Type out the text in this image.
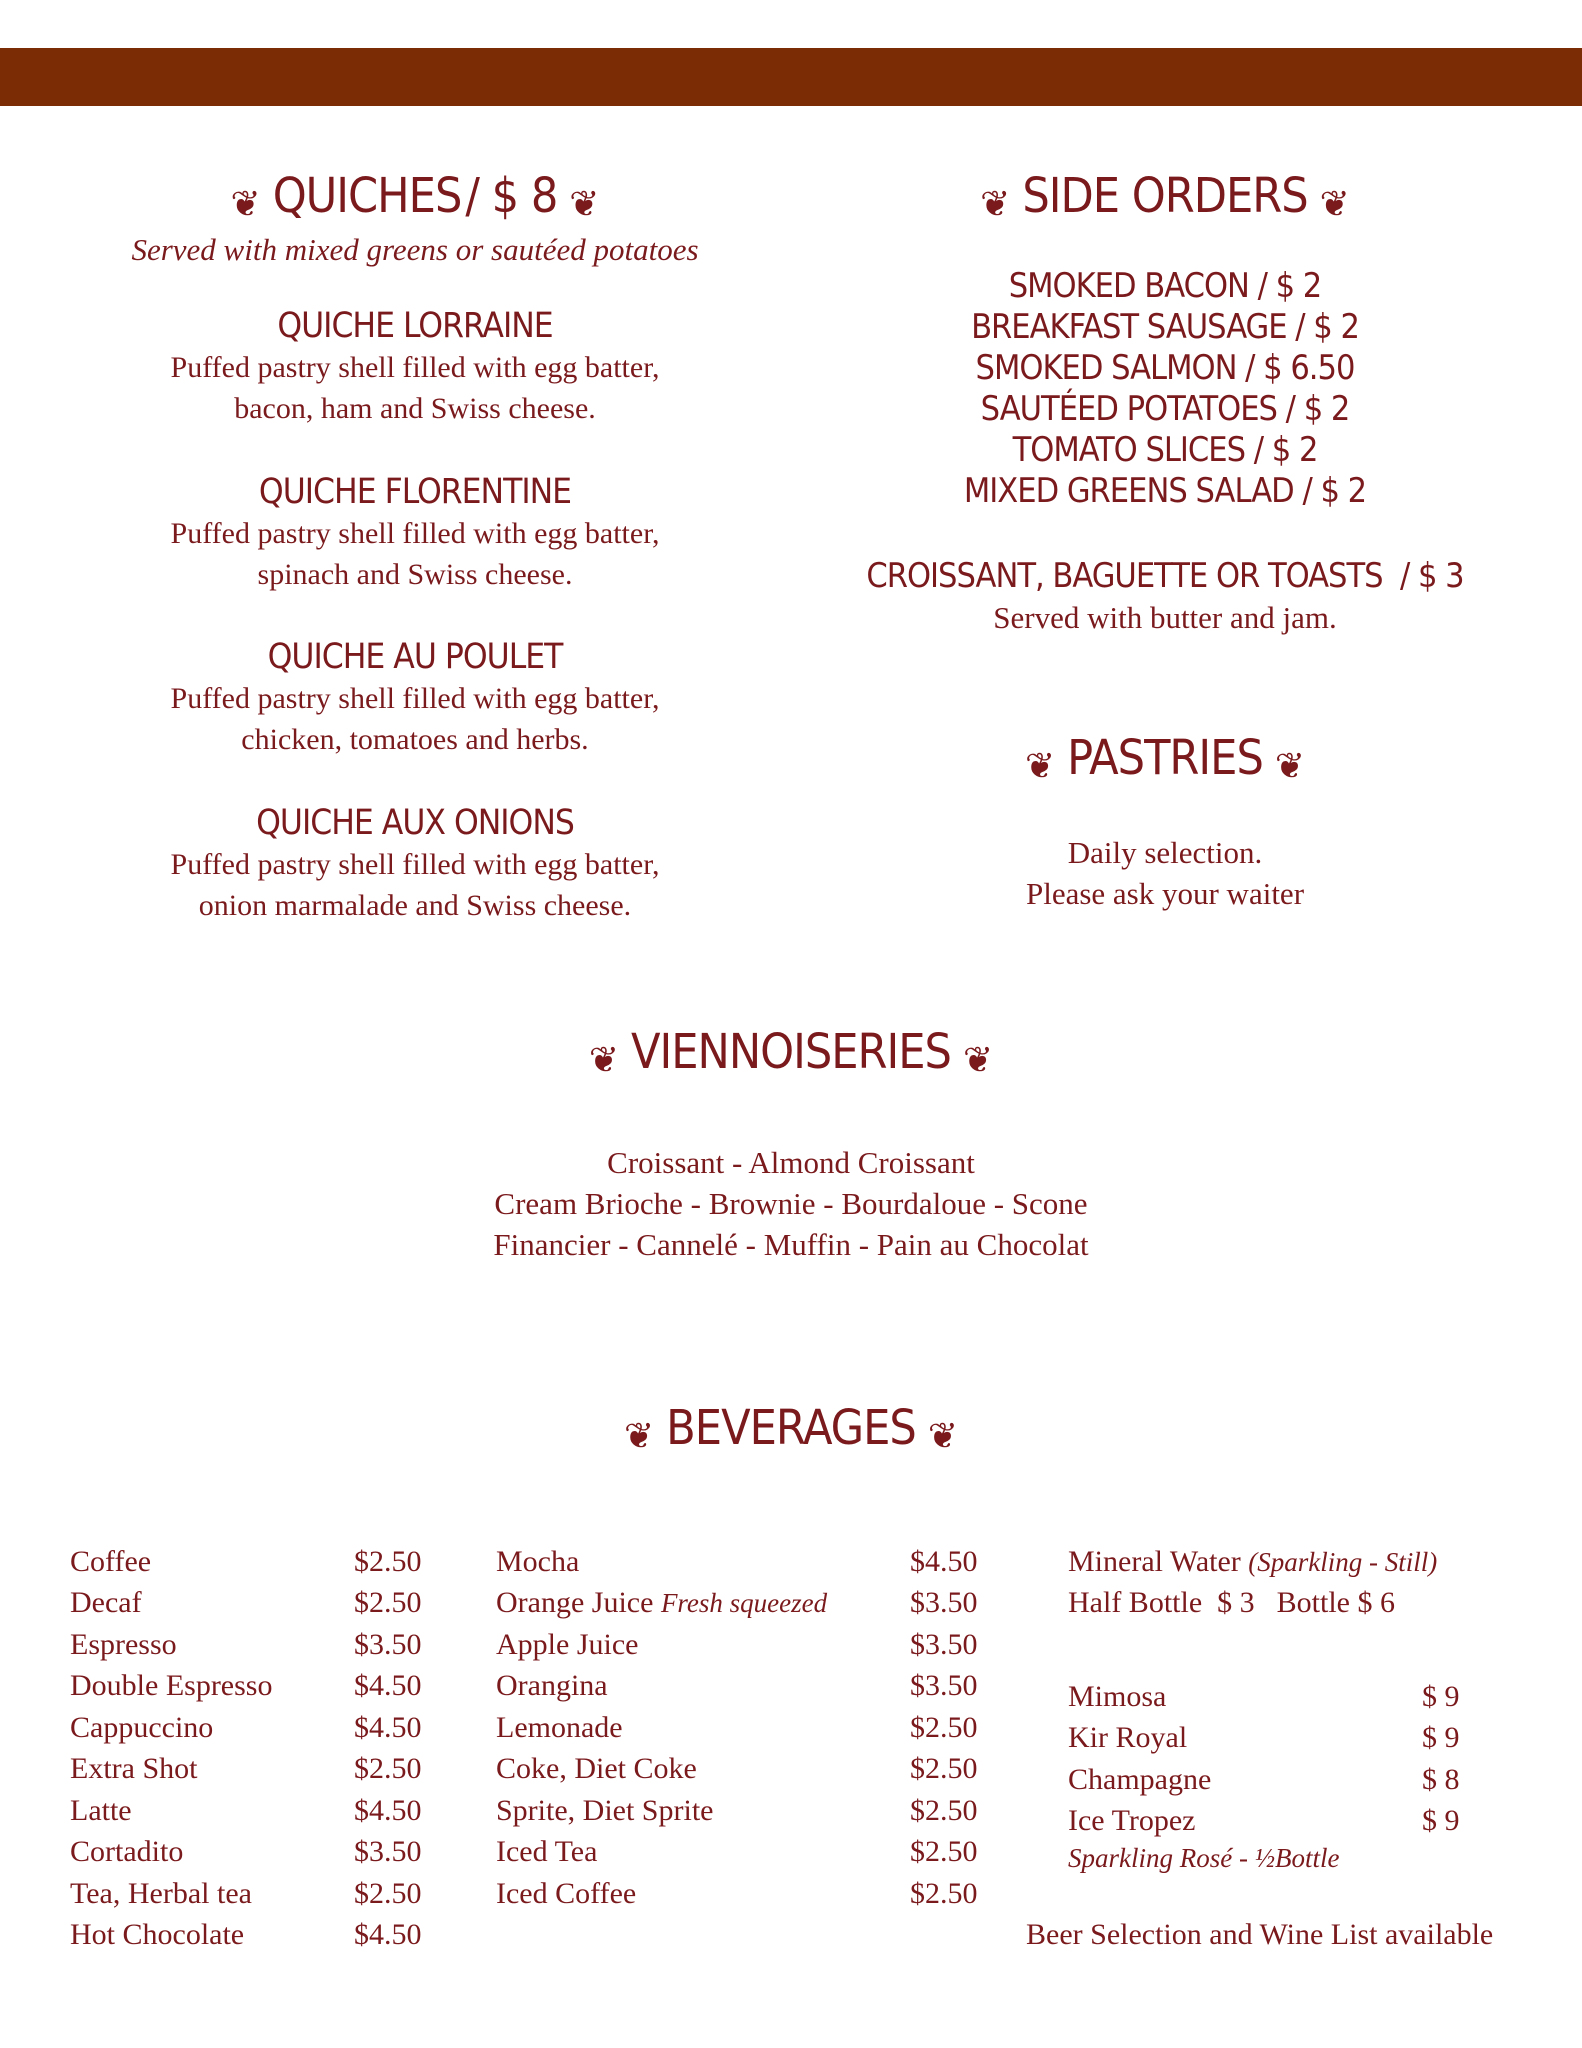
❦ QUICHES / $ 8 ❦
Served with mixed greens or sautéed potatoes
QUICHE LORRAINE
Puffed pastry shell filled with egg batter,
bacon, ham and Swiss cheese.
QUICHE FLORENTINE
Puffed pastry shell filled with egg batter,
spinach and Swiss cheese.
QUICHE AU POULET
Puffed pastry shell filled with egg batter,
chicken, tomatoes and herbs.
QUICHE AUX ONIONS
Puffed pastry shell filled with egg batter,
onion marmalade and Swiss cheese.
❦ SIDE ORDERS ❦
SMOKED BACON / $ 2
BREAKFAST SAUSAGE / $ 2
SMOKED SALMON / $ 6.50
SAUTÉED POTATOES / $ 2
TOMATO SLICES / $ 2
MIXED GREENS SALAD / $ 2
CROISSANT, BAGUETTE OR TOASTS  / $ 3
Served with butter and jam.
❦ PASTRIES ❦
Daily selection.
Please ask your waiter
❦ VIENNOISERIES ❦
Croissant - Almond Croissant
Cream Brioche - Brownie - Bourdaloue - Scone
Financier - Cannelé - Muffin - Pain au Chocolat
❦ BEVERAGES ❦
Coffee	$2.50
Decaf	$2.50
Espresso	$3.50
Double Espresso	$4.50
Cappuccino	$4.50
Extra Shot	$2.50
Latte	$4.50
Cortadito	$3.50
Tea, Herbal tea	$2.50
Hot Chocolate	$4.50
Mocha	$4.50
Orange Juice Fresh squeezed	$3.50
Apple Juice	$3.50
Orangina	$3.50
Lemonade	$2.50
Coke, Diet Coke	$2.50
Sprite, Diet Sprite	$2.50
Iced Tea	$2.50
Iced Coffee	$2.50
Mineral Water (Sparkling - Still)
Half Bottle  $ 3 Bottle $ 6
Mimosa	$ 9
Kir Royal	$ 9
Champagne	$ 8
Ice Tropez	$ 9
Sparkling Rosé - ½Bottle
Beer Selection and Wine List available
